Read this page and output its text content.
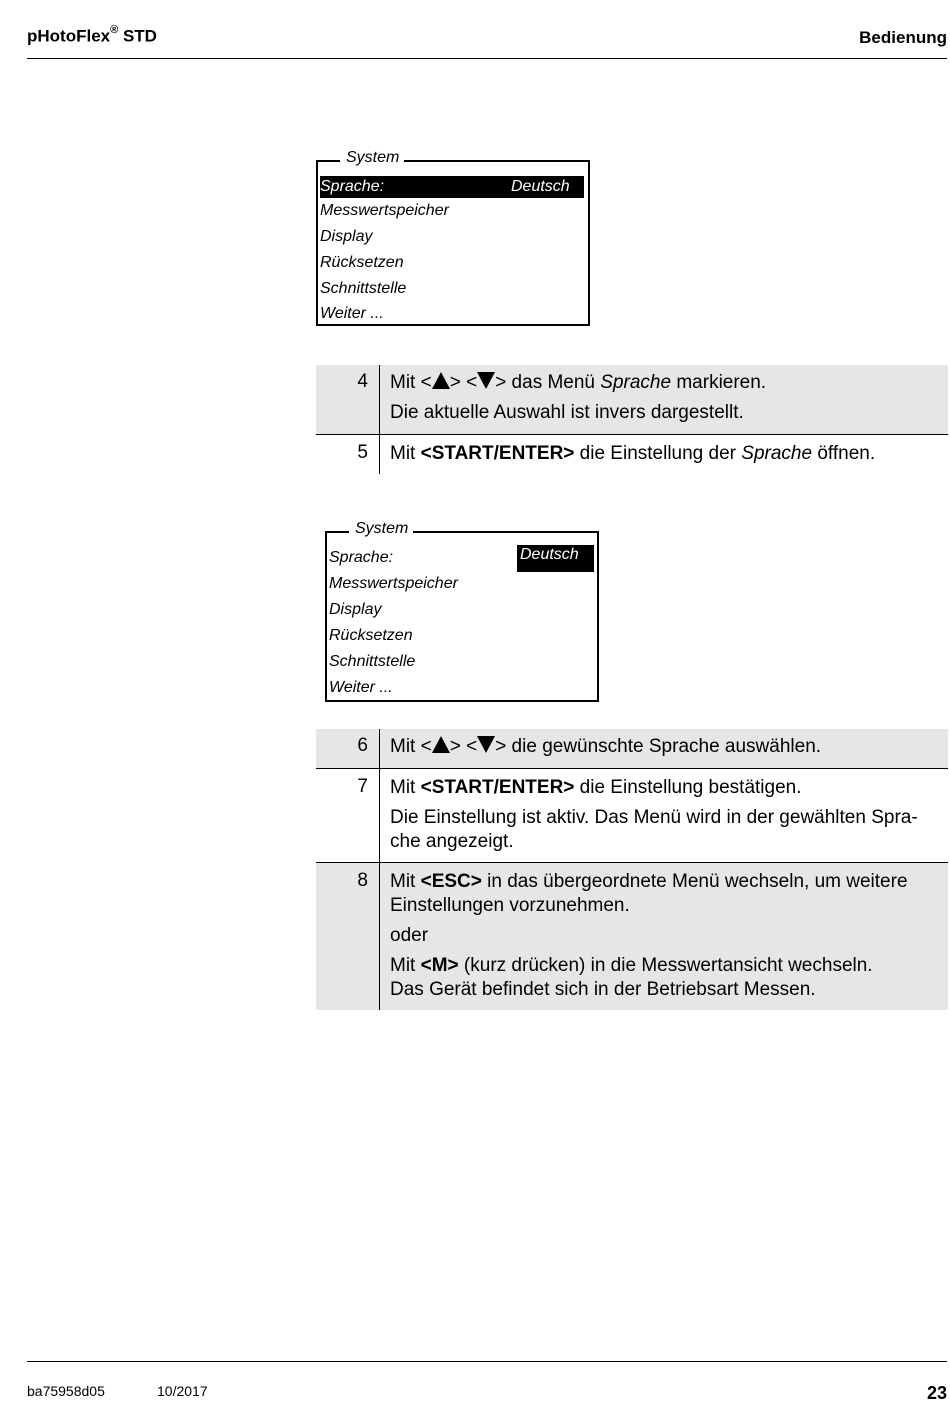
pHotoFlex® STD	Bedienung
System
Sprache:	Deutsch
Messwertspeicher
Display
Rücksetzen
Schnittstelle
Weiter ...
4	Mit < > < > das Menü Sprache markieren.

Die aktuelle Auswahl ist invers dargestellt.

5	Mit <START/ENTER> die Einstellung der Sprache öffnen.

System
Sprache:	Deutsch
Messwertspeicher
Display
Rücksetzen
Schnittstelle
Weiter ...
6	Mit < > < > die gewünschte Sprache auswählen.

7	Mit <START/ENTER> die Einstellung bestätigen.

Die Einstellung ist aktiv. Das Menü wird in der gewählten Spra-
che angezeigt.

8	Mit <ESC> in das übergeordnete Menü wechseln, um weitere
Einstellungen vorzunehmen.

oder

Mit <M> (kurz drücken) in die Messwertansicht wechseln.
Das Gerät befindet sich in der Betriebsart Messen.

ba75958d05	10/2017	23
